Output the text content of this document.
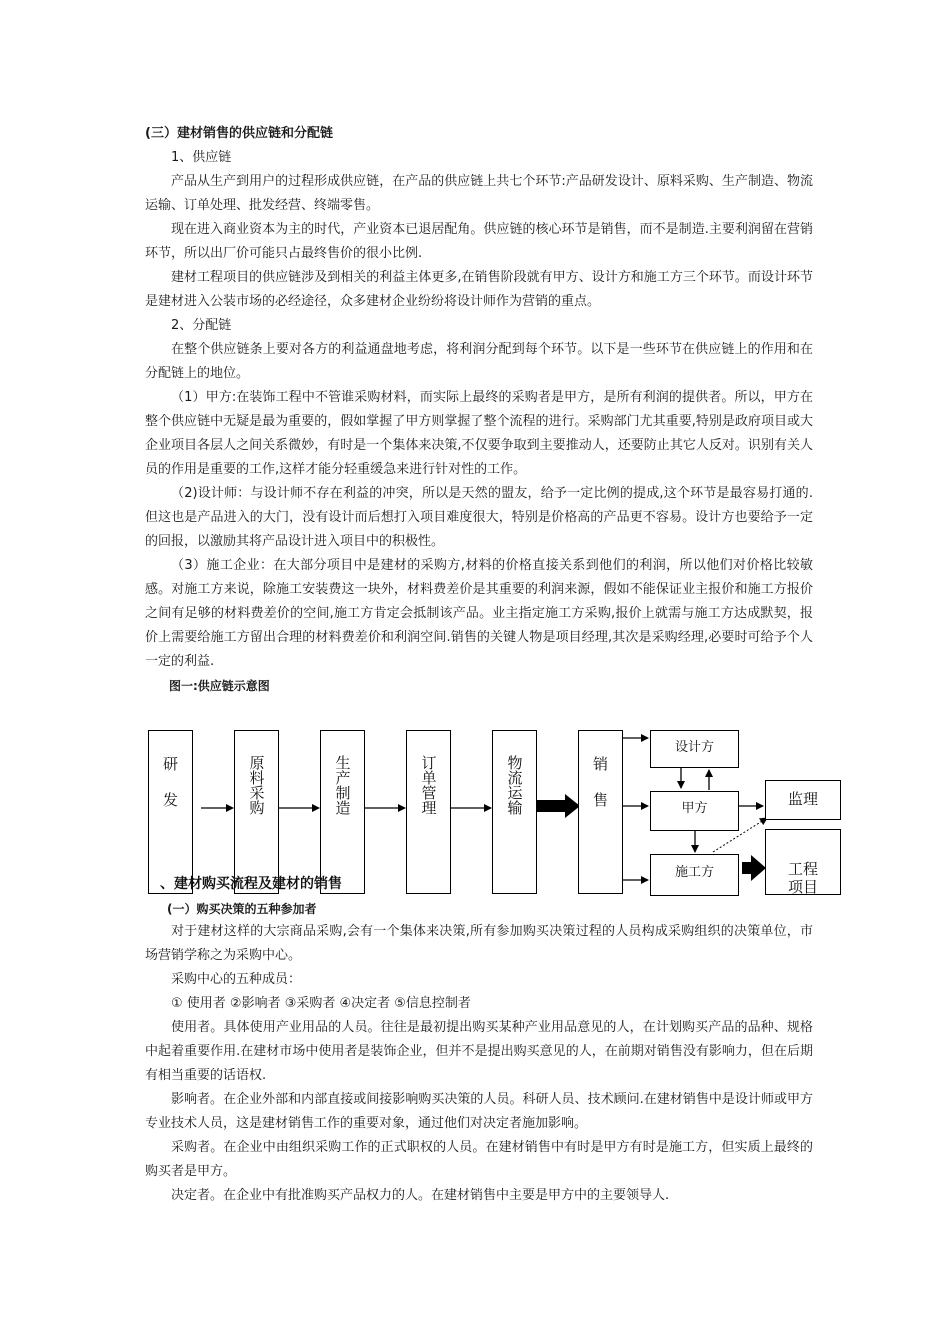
(三）建材销售的供应链和分配链

1、供应链

产品从生产到用户的过程形成供应链，在产品的供应链上共七个环节:产品研发设计、原料采购、生产制造、物流运输、订单处理、批发经营、终端零售。

现在进入商业资本为主的时代，产业资本已退居配角。供应链的核心环节是销售，而不是制造.主要利润留在营销环节，所以出厂价可能只占最终售价的很小比例.

建材工程项目的供应链涉及到相关的利益主体更多,在销售阶段就有甲方、设计方和施工方三个环节。而设计环节是建材进入公装市场的必经途径，众多建材企业纷纷将设计师作为营销的重点。

2、分配链

在整个供应链条上要对各方的利益通盘地考虑，将利润分配到每个环节。以下是一些环节在供应链上的作用和在分配链上的地位。

（1）甲方:在装饰工程中不管谁采购材料，而实际上最终的采购者是甲方，是所有利润的提供者。所以，甲方在整个供应链中无疑是最为重要的，假如掌握了甲方则掌握了整个流程的进行。采购部门尤其重要,特别是政府项目或大企业项目各层人之间关系微妙，有时是一个集体来决策,不仅要争取到主要推动人，还要防止其它人反对。识别有关人员的作用是重要的工作,这样才能分轻重缓急来进行针对性的工作。

（2)设计师：与设计师不存在利益的冲突，所以是天然的盟友，给予一定比例的提成,这个环节是最容易打通的.但这也是产品进入的大门，没有设计而后想打入项目难度很大，特别是价格高的产品更不容易。设计方也要给予一定的回报，以激励其将产品设计进入项目中的积极性。

（3）施工企业：在大部分项目中是建材的采购方,材料的价格直接关系到他们的利润，所以他们对价格比较敏感。对施工方来说，除施工安装费这一块外，材料费差价是其重要的利润来源，假如不能保证业主报价和施工方报价之间有足够的材料费差价的空间,施工方肯定会抵制该产品。业主指定施工方采购,报价上就需与施工方达成默契，报价上需要给施工方留出合理的材料费差价和利润空间.销售的关键人物是项目经理,其次是采购经理,必要时可给予个人一定的利益.

图一:供应链示意图

研

发	原料采购	生产制造	订单管理	物流运输	销

售
设计方
甲方
施工方
监理

工程
项目

、建材购买流程及建材的销售

(一）购买决策的五种参加者

对于建材这样的大宗商品采购,会有一个集体来决策,所有参加购买决策过程的人员构成采购组织的决策单位，市场营销学称之为采购中心。

采购中心的五种成员：

① 使用者 ②影响者 ③采购者 ④决定者 ⑤信息控制者

使用者。具体使用产业用品的人员。往往是最初提出购买某种产业用品意见的人，在计划购买产品的品种、规格中起着重要作用.在建材市场中使用者是装饰企业，但并不是提出购买意见的人，在前期对销售没有影响力，但在后期有相当重要的话语权.

影响者。在企业外部和内部直接或间接影响购买决策的人员。科研人员、技术顾问.在建材销售中是设计师或甲方专业技术人员，这是建材销售工作的重要对象，通过他们对决定者施加影响。

采购者。在企业中由组织采购工作的正式职权的人员。在建材销售中有时是甲方有时是施工方，但实质上最终的购买者是甲方。

决定者。在企业中有批准购买产品权力的人。在建材销售中主要是甲方中的主要领导人.
